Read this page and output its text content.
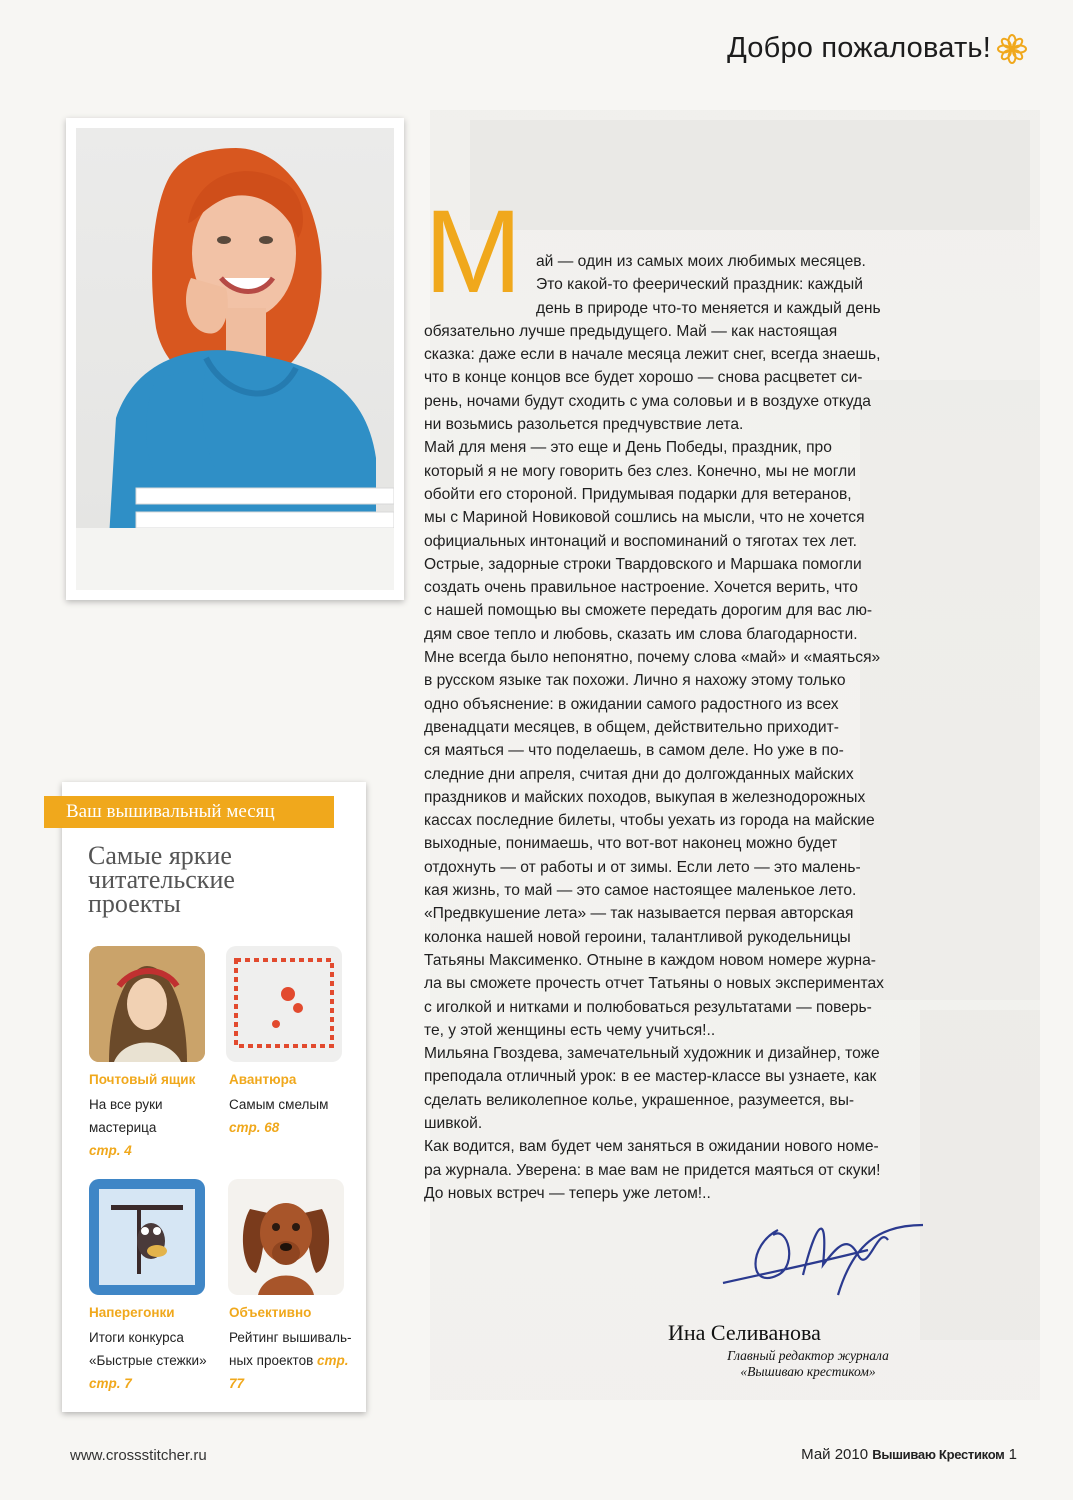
Добро пожаловать!
М ай — один из самых моих любимых месяцев.
Это какой-то феерический праздник: каждый
день в природе что-то меняется и каждый день
обязательно лучше предыдущего. Май — как настоящая
сказка: даже если в начале месяца лежит снег, всегда знаешь,
что в конце концов все будет хорошо — снова расцветет си-
рень, ночами будут сходить с ума соловьи и в воздухе откуда
ни возьмись разольется предчувствие лета.
Май для меня — это еще и День Победы, праздник, про
который я не могу говорить без слез. Конечно, мы не могли
обойти его стороной. Придумывая подарки для ветеранов,
мы с Мариной Новиковой сошлись на мысли, что не хочется
официальных интонаций и воспоминаний о тяготах тех лет.
Острые, задорные строки Твардовского и Маршака помогли
создать очень правильное настроение. Хочется верить, что
с нашей помощью вы сможете передать дорогим для вас лю-
дям свое тепло и любовь, сказать им слова благодарности.
Мне всегда было непонятно, почему слова «май» и «маяться»
в русском языке так похожи. Лично я нахожу этому только
одно объяснение: в ожидании самого радостного из всех
двенадцати месяцев, в общем, действительно приходит-
ся маяться — что поделаешь, в самом деле. Но уже в по-
следние дни апреля, считая дни до долгожданных майских
праздников и майских походов, выкупая в железнодорожных
кассах последние билеты, чтобы уехать из города на майские
выходные, понимаешь, что вот-вот наконец можно будет
отдохнуть — от работы и от зимы. Если лето — это малень-
кая жизнь, то май — это самое настоящее маленькое лето.
«Предвкушение лета» — так называется первая авторская
колонка нашей новой героини, талантливой рукодельницы
Татьяны Максименко. Отныне в каждом новом номере журна-
ла вы сможете прочесть отчет Татьяны о новых экспериментах
с иголкой и нитками и полюбоваться результатами — поверь-
те, у этой женщины есть чему учиться!..
Мильяна Гвоздева, замечательный художник и дизайнер, тоже
преподала отличный урок: в ее мастер-классе вы узнаете, как
сделать великолепное колье, украшенное, разумеется, вы-
шивкой.
Как водится, вам будет чем заняться в ожидании нового номе-
ра журнала. Уверена: в мае вам не придется маяться от скуки!
До новых встреч — теперь уже летом!..
Ина Селиванова
Главный редактор журнала
«Вышиваю крестиком»
Ваш вышивальный месяц
Самые яркие читательские проекты
Почтовый ящик
На все руки мастерица
стр. 4
Авантюра
Самым смелым
стр. 68
Наперегонки
Итоги конкурса «Быстрые стежки» стр. 7
Объективно
Рейтинг вышиваль-ных проектов стр. 77
www.crossstitcher.ru	Май 2010 Вышиваю Крестиком 1
